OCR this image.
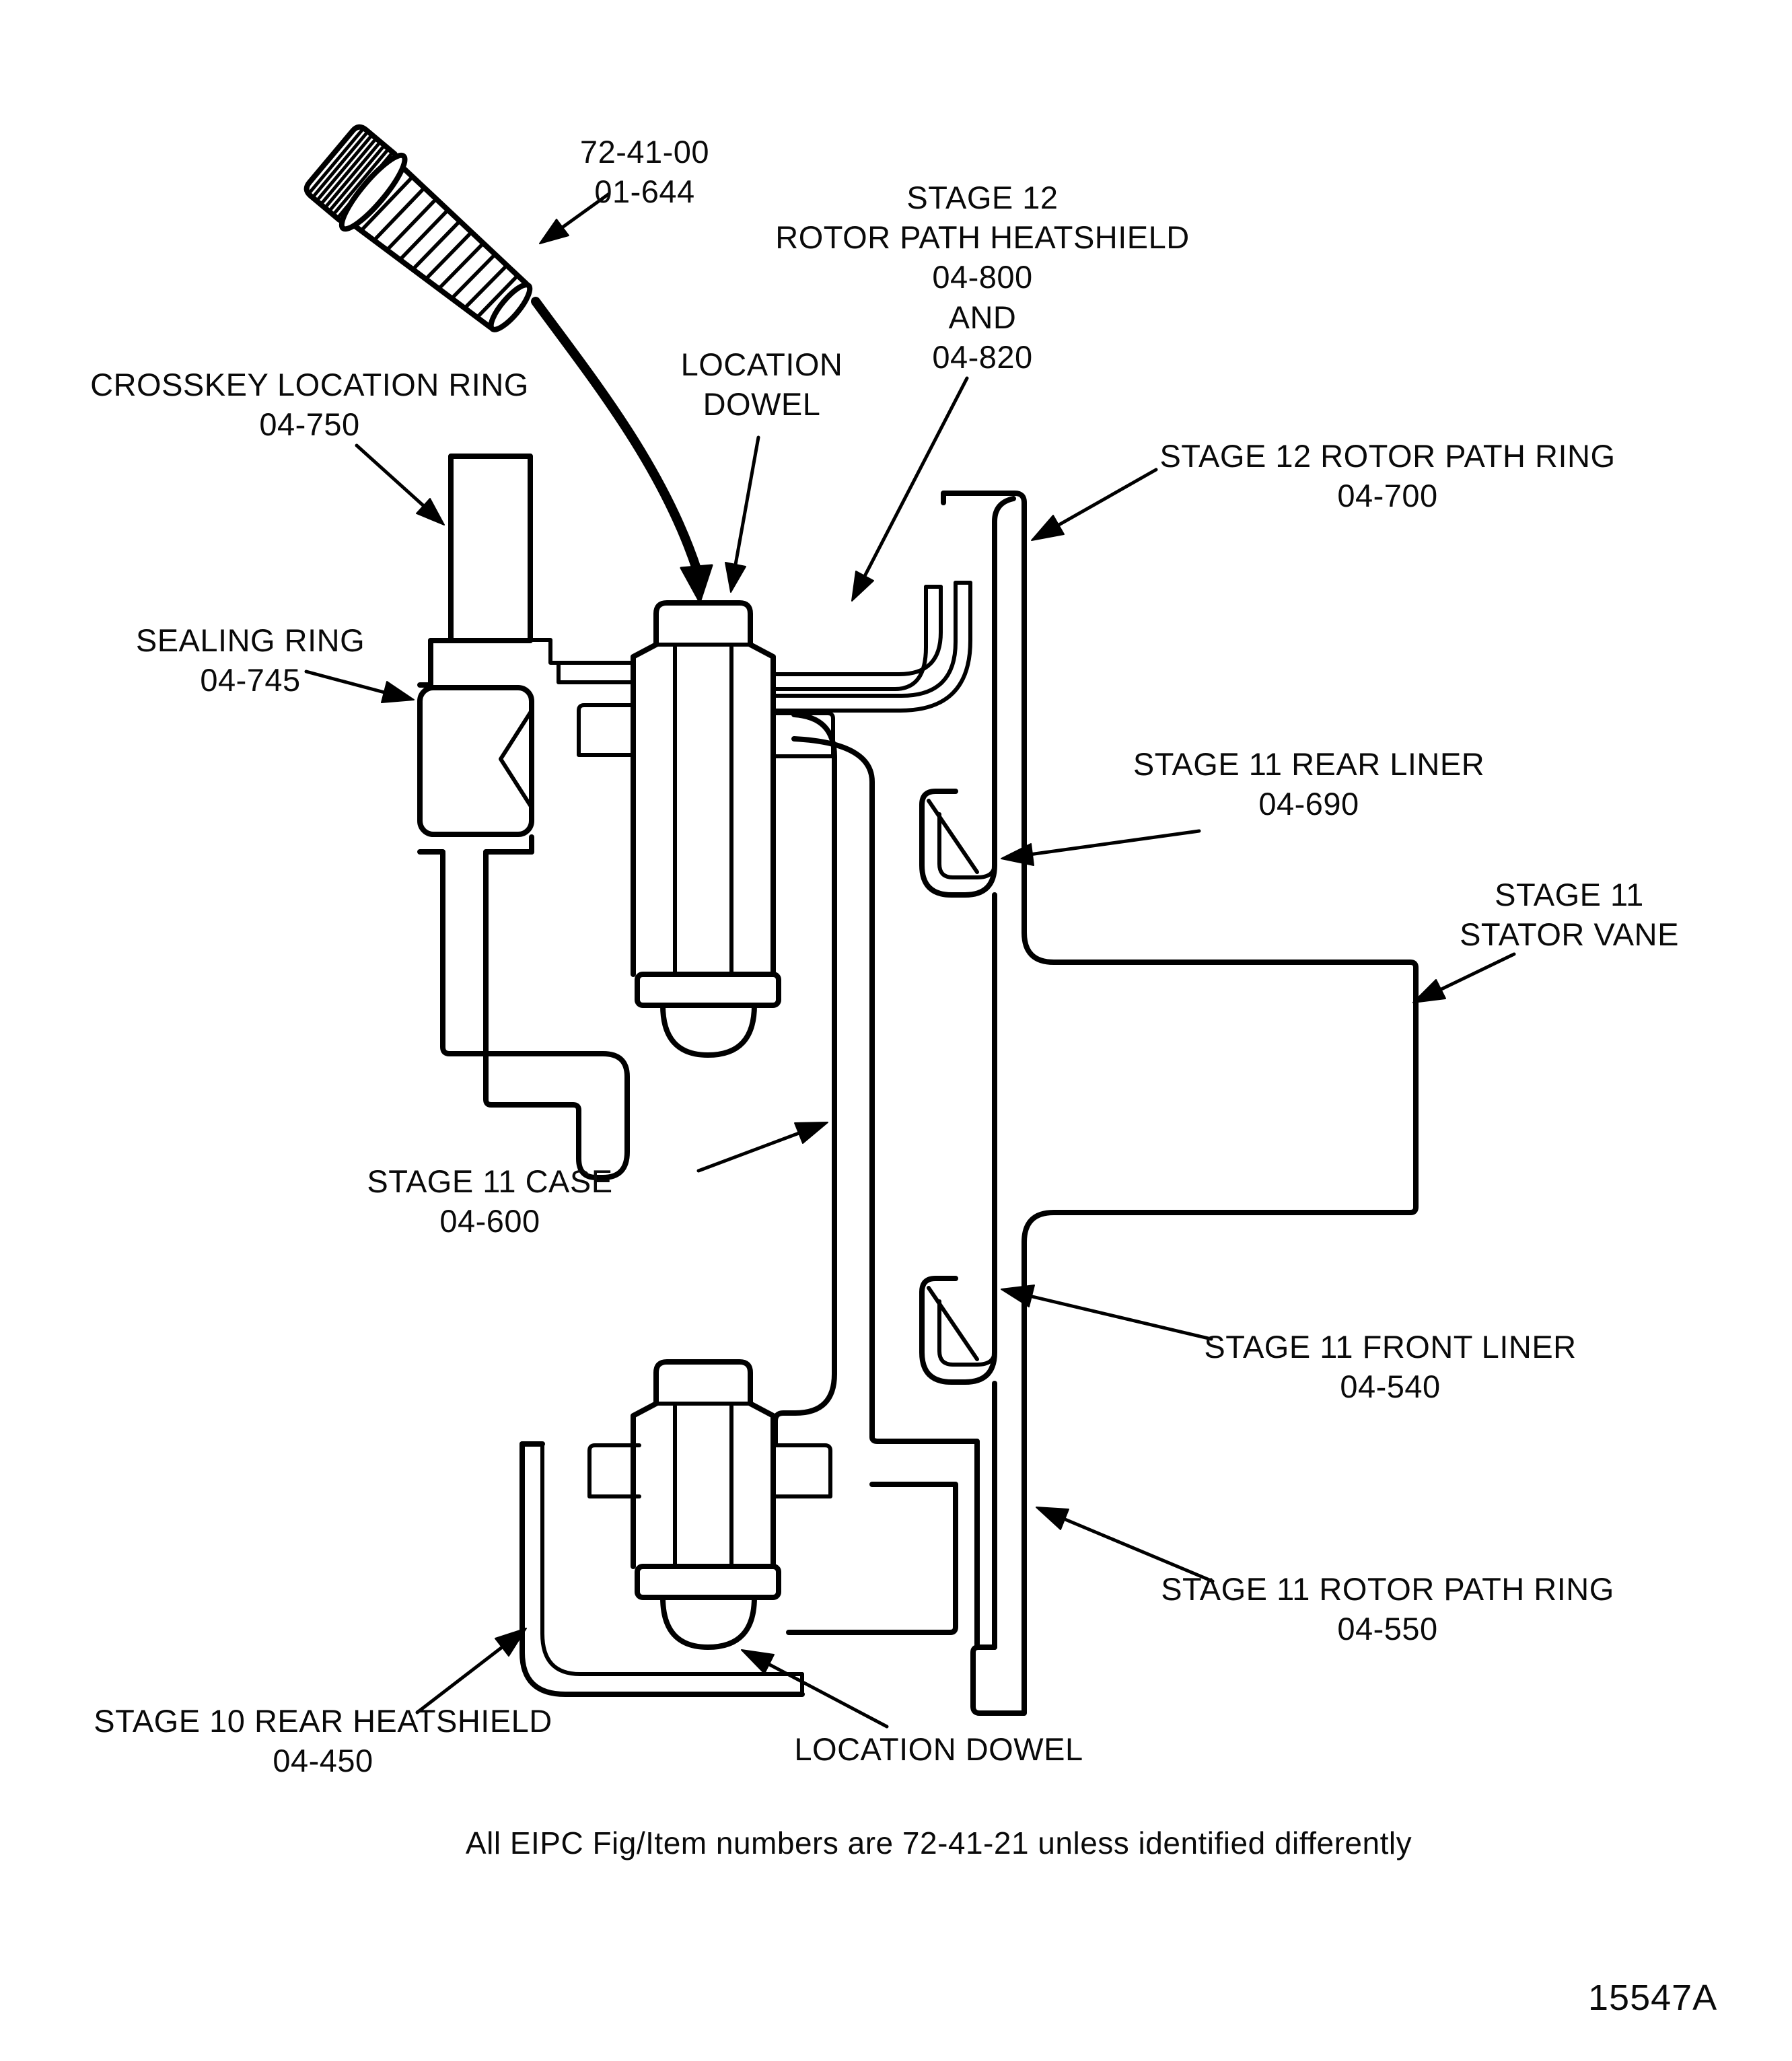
72-41-00
01-644	STAGE 12
ROTOR PATH HEATSHIELD
04-800
AND
04-820
CROSSKEY LOCATION RING
04-750
LOCATION
DOWEL
STAGE 12 ROTOR PATH RING
04-700
SEALING RING
04-745
STAGE 11 REAR LINER
04-690
STAGE 11
STATOR VANE
STAGE 11 CASE
04-600
STAGE 11 FRONT LINER
04-540
STAGE 11 ROTOR PATH RING
04-550
STAGE 10 REAR HEATSHIELD
04-450	LOCATION DOWEL
All EIPC Fig/Item numbers are 72-41-21 unless identified differently
15547A
